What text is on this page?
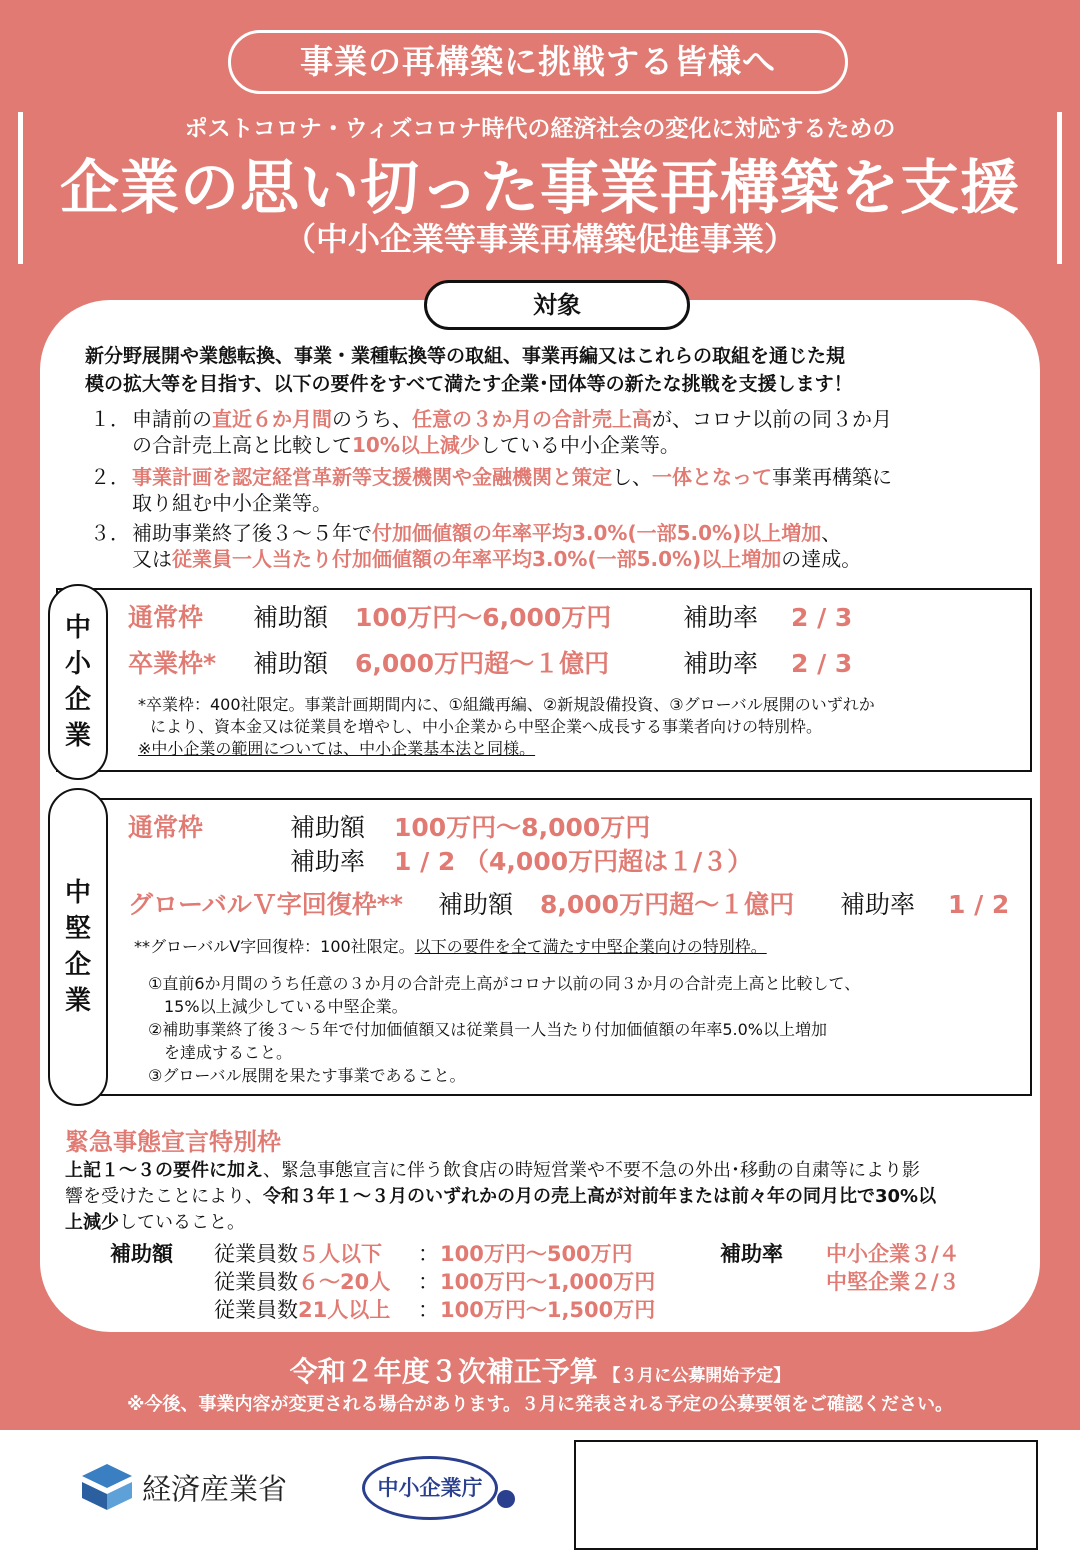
事業の再構築に挑戦する皆様へ
ポストコロナ・ウィズコロナ時代の経済社会の変化に対応するための
企業の思い切った事業再構築を支援
（中小企業等事業再構築促進事業）
対象
新分野展開や業態転換、事業・業種転換等の取組、事業再編又はこれらの取組を通じた規
模の拡大等を目指す、以下の要件をすべて満たす企業･団体等の新たな挑戦を支援します！
１． 申請前の直近６か月間のうち、任意の３か月の合計売上高が、コロナ以前の同３か月
の合計売上高と比較して10%以上減少している中小企業等。
２． 事業計画を認定経営革新等支援機関や金融機関と策定し、一体となって事業再構築に
取り組む中小企業等。
３． 補助事業終了後３～５年で付加価値額の年率平均3.0%(一部5.0%)以上増加、
又は従業員一人当たり付加価値額の年率平均3.0%(一部5.0%)以上増加の達成。
中
小
企
業
通常枠 補助額 100万円～6,000万円	補助率 2 / 3
卒業枠* 補助額 6,000万円超～１億円	補助率 2 / 3
*卒業枠：400社限定。事業計画期間内に、①組織再編、②新規設備投資、③グローバル展開のいずれか
により、資本金又は従業員を増やし、中小企業から中堅企業へ成長する事業者向けの特別枠。
※中小企業の範囲については、中小企業基本法と同様。
中
堅
企
業
通常枠	補助額 100万円～8,000万円
補助率 1 / 2 （4,000万円超は１/３）
グローバルＶ字回復枠** 補助額 8,000万円超～１億円 補助率 1 / 2
**グローバルV字回復枠：100社限定。以下の要件を全て満たす中堅企業向けの特別枠。
①直前6か月間のうち任意の３か月の合計売上高がコロナ以前の同３か月の合計売上高と比較して、
15%以上減少している中堅企業。
②補助事業終了後３～５年で付加価値額又は従業員一人当たり付加価値額の年率5.0%以上増加
を達成すること。
③グローバル展開を果たす事業であること。
緊急事態宣言特別枠
上記１～３の要件に加え、緊急事態宣言に伴う飲食店の時短営業や不要不急の外出･移動の自粛等により影
響を受けたことにより、令和３年１～３月のいずれかの月の売上高が対前年または前々年の同月比で30%以
上減少していること。
補助額 従業員数５人以下 ：100万円～500万円
従業員数６～20人 ：100万円～1,000万円
従業員数21人以上 ：100万円～1,500万円
補助率 中小企業３/４
中堅企業２/３
令和２年度３次補正予算 【３月に公募開始予定】
※今後、事業内容が変更される場合があります。３月に発表される予定の公募要領をご確認ください。
経済産業省	中小企業庁
